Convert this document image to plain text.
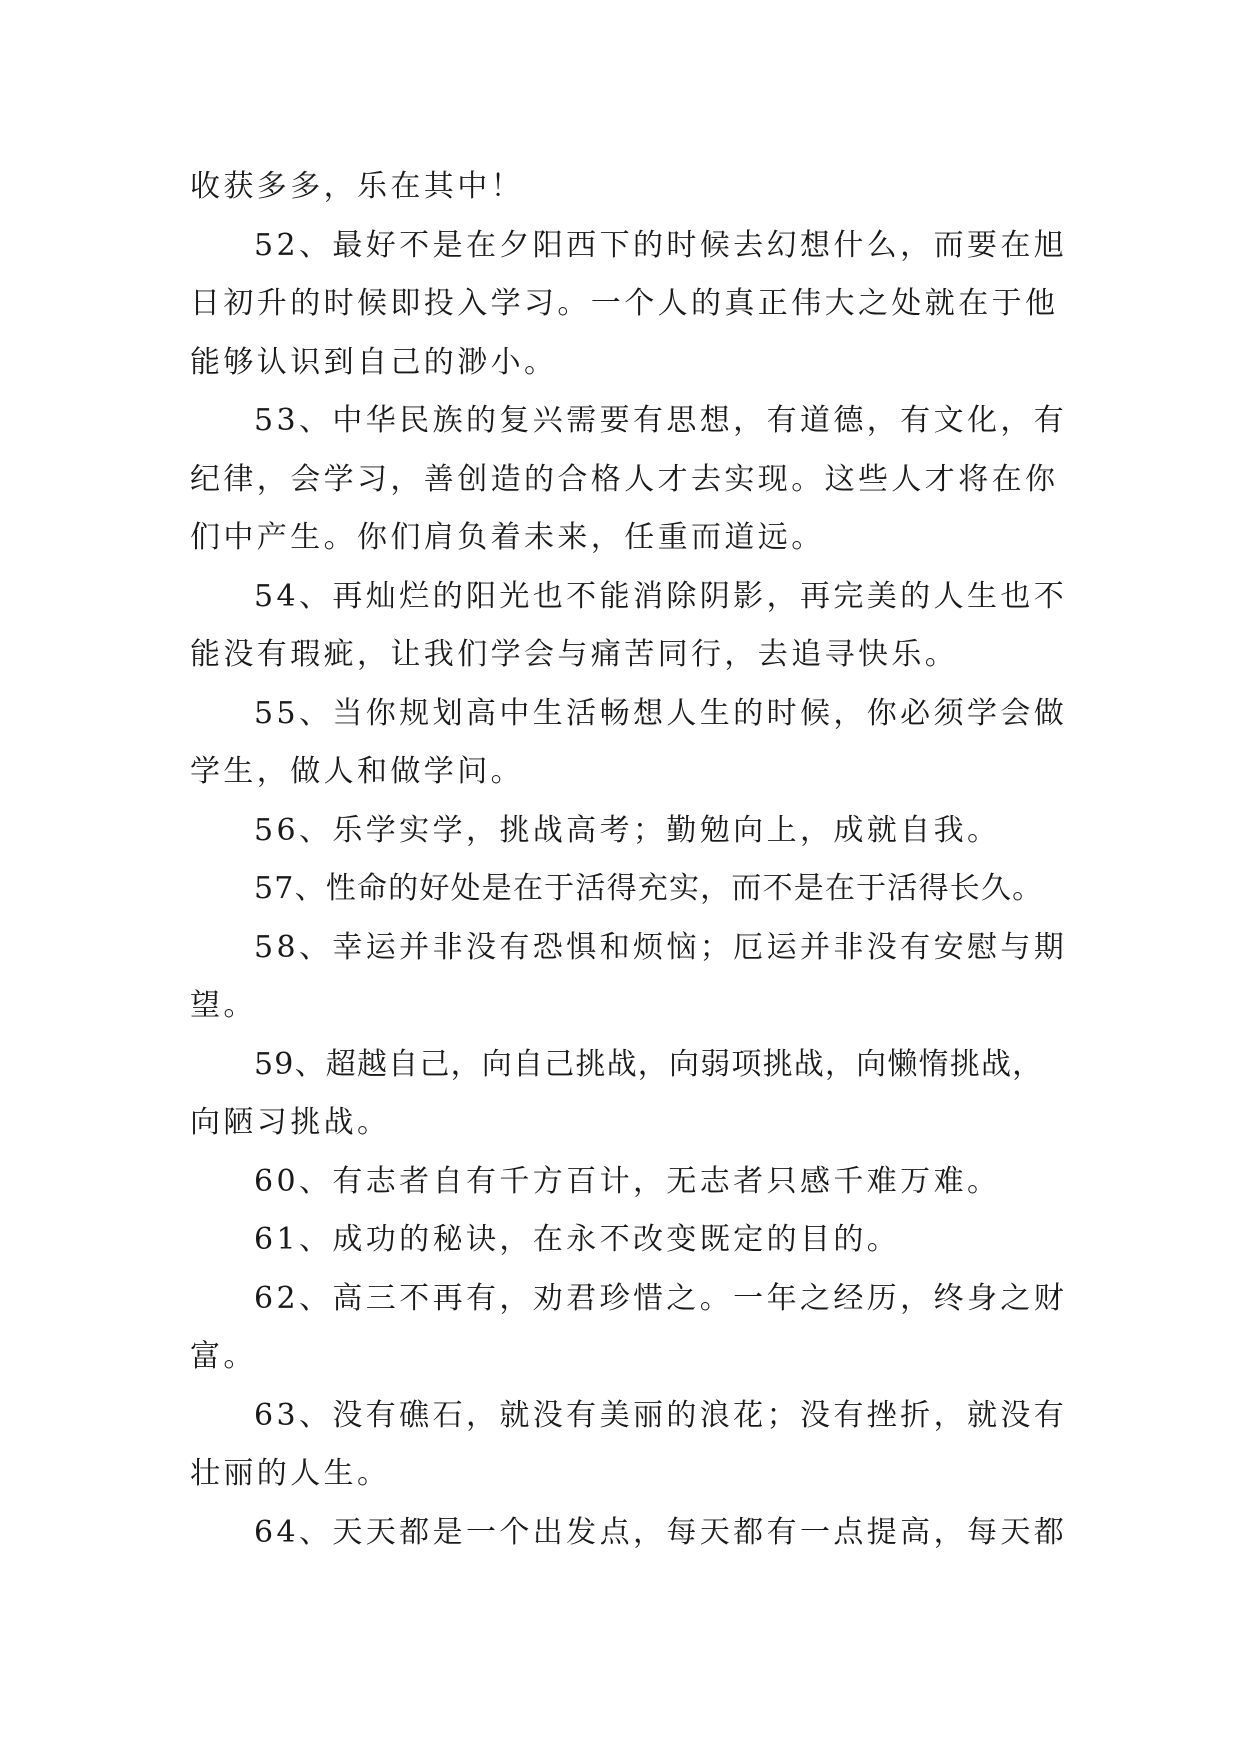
收获多多，乐在其中！

52、最好不是在夕阳西下的时候去幻想什么，而要在旭
日初升的时候即投入学习。一个人的真正伟大之处就在于他
能够认识到自己的渺小。

53、中华民族的复兴需要有思想，有道德，有文化，有
纪律，会学习，善创造的合格人才去实现。这些人才将在你
们中产生。你们肩负着未来，任重而道远。

54、再灿烂的阳光也不能消除阴影，再完美的人生也不
能没有瑕疵，让我们学会与痛苦同行，去追寻快乐。

55、当你规划高中生活畅想人生的时候，你必须学会做
学生，做人和做学问。

56、乐学实学，挑战高考；勤勉向上，成就自我。

57、性命的好处是在于活得充实，而不是在于活得长久。

58、幸运并非没有恐惧和烦恼；厄运并非没有安慰与期
望。

59、超越自己，向自己挑战，向弱项挑战，向懒惰挑战，
向陋习挑战。

60、有志者自有千方百计，无志者只感千难万难。

61、成功的秘诀，在永不改变既定的目的。

62、高三不再有，劝君珍惜之。一年之经历，终身之财
富。

63、没有礁石，就没有美丽的浪花；没有挫折，就没有
壮丽的人生。

64、天天都是一个出发点，每天都有一点提高，每天都
